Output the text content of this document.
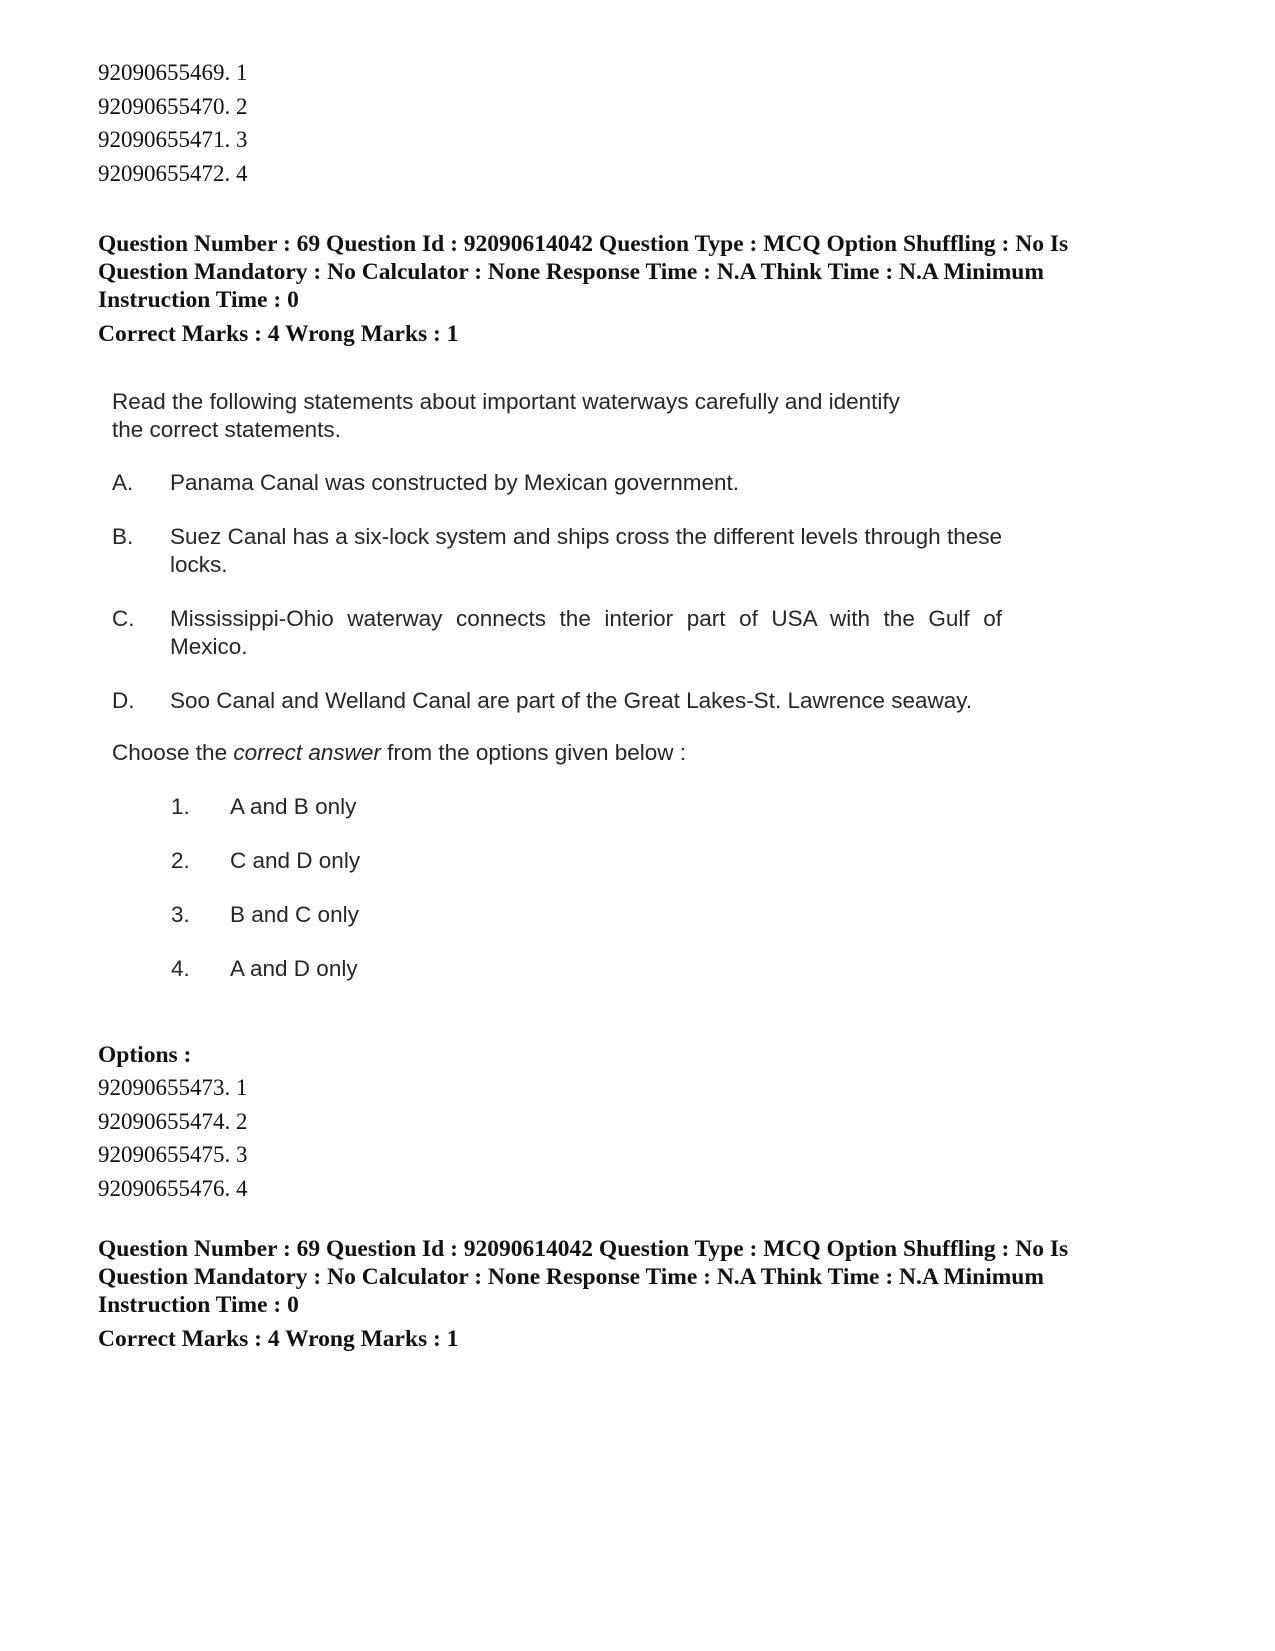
92090655469. 1
92090655470. 2
92090655471. 3
92090655472. 4
Question Number : 69 Question Id : 92090614042 Question Type : MCQ Option Shuffling : No Is
Question Mandatory : No Calculator : None Response Time : N.A Think Time : N.A Minimum
Instruction Time : 0
Correct Marks : 4 Wrong Marks : 1

Read the following statements about important waterways carefully and identify
the correct statements.

A. Panama Canal was constructed by Mexican government.
B. Suez Canal has a six-lock system and ships cross the different levels through these locks.
C. Mississippi-Ohio waterway connects the interior part of USA with the Gulf of Mexico.
D. Soo Canal and Welland Canal are part of the Great Lakes-St. Lawrence seaway.
Choose the correct answer from the options given below :
1. A and B only
2. C and D only
3. B and C only
4. A and D only
Options :
92090655473. 1
92090655474. 2
92090655475. 3
92090655476. 4
Question Number : 69 Question Id : 92090614042 Question Type : MCQ Option Shuffling : No Is
Question Mandatory : No Calculator : None Response Time : N.A Think Time : N.A Minimum
Instruction Time : 0
Correct Marks : 4 Wrong Marks : 1
